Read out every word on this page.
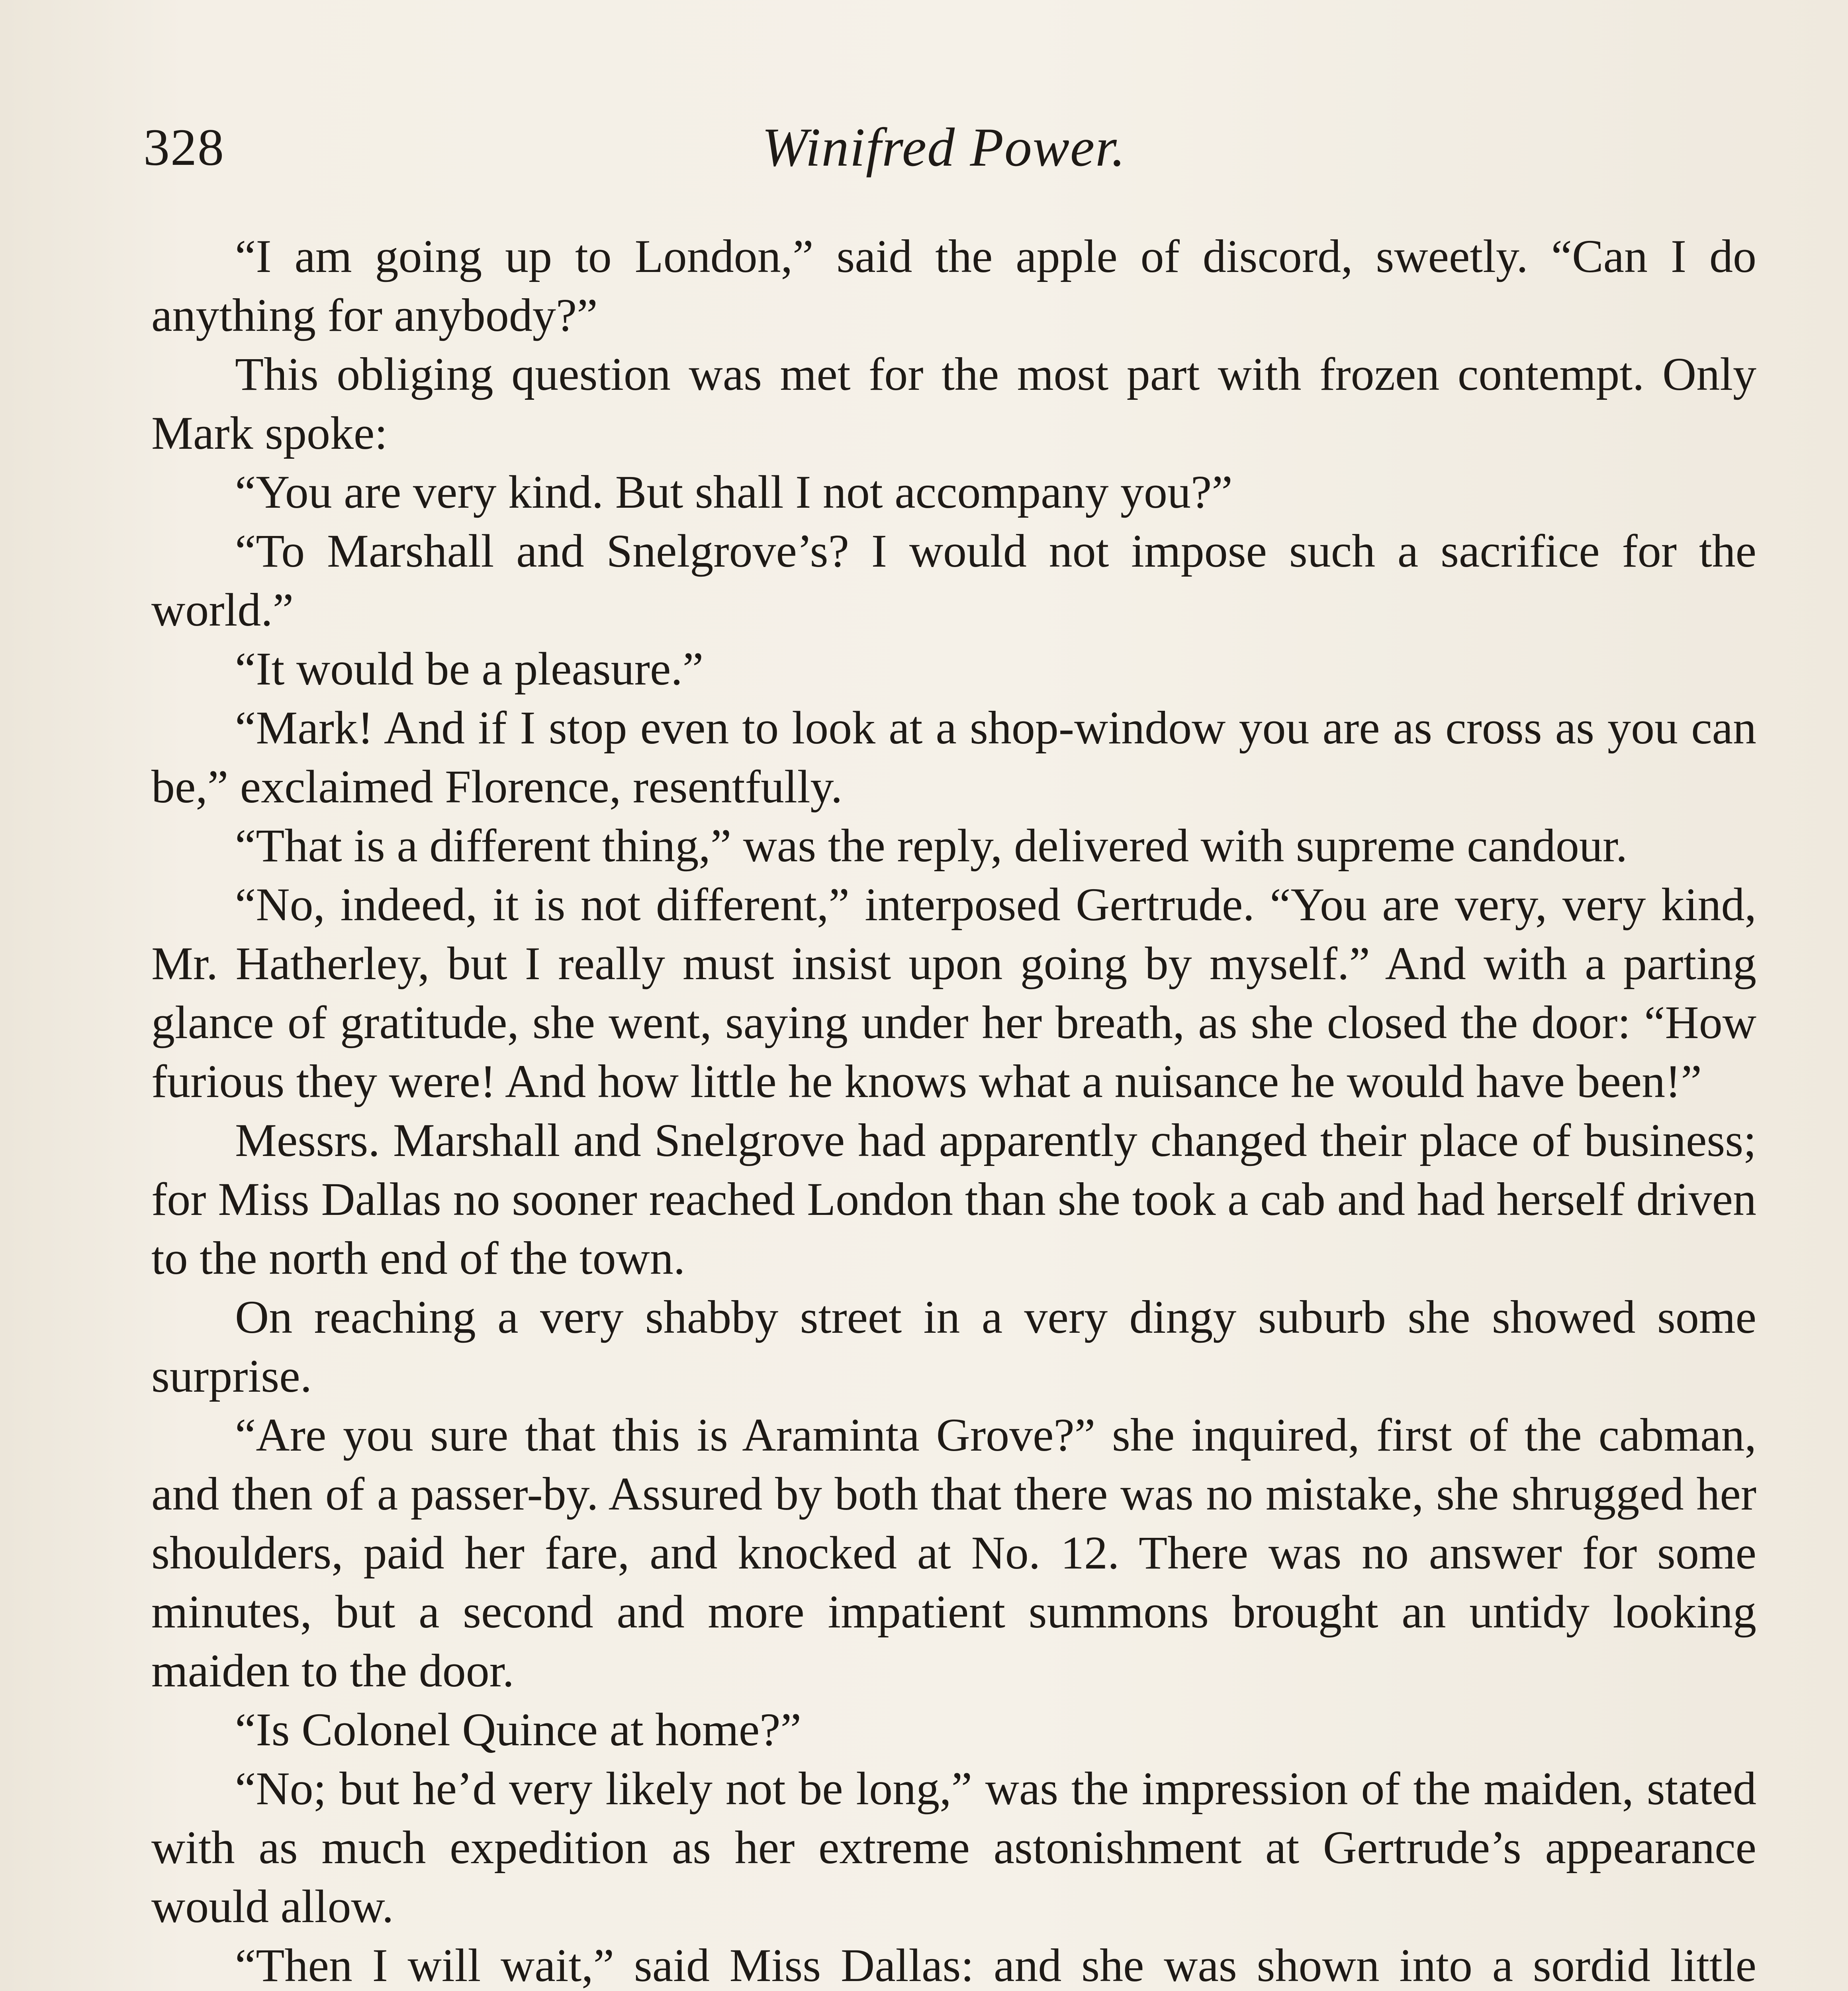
328	Winifred Power.

“I am going up to London,” said the apple of discord, sweetly. “Can I do anything for anybody?”

This obliging question was met for the most part with frozen contempt. Only Mark spoke:

“You are very kind. But shall I not accompany you?”

“To Marshall and Snelgrove’s? I would not impose such a sacrifice for the world.”

“It would be a pleasure.”

“Mark! And if I stop even to look at a shop-window you are as cross as you can be,” exclaimed Florence, resentfully.

“That is a different thing,” was the reply, delivered with supreme candour.

“No, indeed, it is not different,” interposed Gertrude. “You are very, very kind, Mr. Hatherley, but I really must insist upon going by myself.” And with a parting glance of gratitude, she went, saying under her breath, as she closed the door: “How furious they were! And how little he knows what a nuisance he would have been!”

Messrs. Marshall and Snelgrove had apparently changed their place of business; for Miss Dallas no sooner reached London than she took a cab and had herself driven to the north end of the town.

On reaching a very shabby street in a very dingy suburb she showed some surprise.

“Are you sure that this is Araminta Grove?” she inquired, first of the cabman, and then of a passer-by. Assured by both that there was no mistake, she shrugged her shoulders, paid her fare, and knocked at No. 12. There was no answer for some minutes, but a second and more impatient summons brought an untidy looking maiden to the door.

“Is Colonel Quince at home?”

“No; but he’d very likely not be long,” was the impression of the maiden, stated with as much expedition as her extreme astonishment at Gertrude’s appearance would allow.

“Then I will wait,” said Miss Dallas: and she was shown into a sordid little
